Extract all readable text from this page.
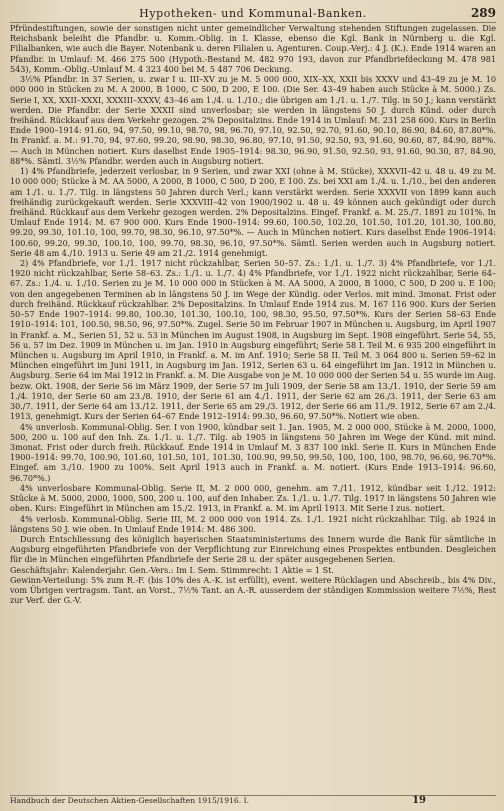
Hypotheken- und Kommunal-Banken.	289

Pfründestiftungen, sowie der sonstigen nicht unter gemeindlicher Verwaltung stehenden Stiftungen zugelassen. Die Reichsbank beleiht die Pfandbr. u. Komm.-Oblig. in I. Klasse, ebenso die Kgl. Bank in Nürnberg u. die Kgl. Filialbanken, wie auch die Bayer. Notenbank u. deren Filialen u. Agenturen. Coup.-Verj.: 4 J. (K.). Ende 1914 waren an Pfandbr. in Umlauf: M. 466 275 500 (Hypoth.-Bestand M. 482 970 193, davon zur Pfandbriefdeckung M. 478 981 543), Komm.-Oblig.-Umlauf M. 4 323 400 bei M. 5 487 706 Deckung.

3½% Pfandbr. in 37 Serien, u. zwar I u. III–XV zu je M. 5 000 000, XIX–XX, XXII bis XXXV und 43–49 zu je M. 10 000 000 in Stücken zu M. A 2000, B 1000, C 500, D 200, E 100. (Die Ser. 43–49 haben auch Stücke à M. 5000.) Zs. Serie I, XX, XXII–XXXI, XXXIII–XXXV, 43–46 am 1./4. u. 1./10.; die übrigen am 1./1. u. 1./7. Tilg. in 50 J.; kann verstärkt werden. Die Pfandbr. der Serie XXXII sind unverlosbar; sie werden in längstens 50 J. durch Künd. oder durch freihänd. Rückkauf aus dem Verkehr gezogen. 2% Depositalzins. Ende 1914 in Umlauf: M. 231 258 600. Kurs in Berlin Ende 1900–1914: 91.60, 94, 97.50, 99.10, 98.70, 98, 96.70, 97.10, 92.50, 92.70, 91.60, 90.10, 86.90, 84.60, 87.80*%. In Frankf. a. M.: 91.70, 94, 97.60, 99.20, 98.90, 98.30, 96.80, 97.10, 91.50, 92.50, 93, 91.60, 90.60, 87, 84.90, 88*%. — Auch in München notiert. Kurs daselbst Ende 1905–1914: 98.30, 96.90, 91.50, 92.50, 93, 91.60, 90.30, 87, 84.90, 88*%. Sämtl. 3½% Pfandbr. werden auch in Augsburg notiert.

1) 4% Pfandbriefe, jederzeit verlosbar, in 9 Serien, und zwar XXI (ohne à M. Stücke), XXXVII–42 u. 48 u. 49 zu M. 10 000 000; Stücke à M. AA 5000, A 2000, B 1000, C 500, D 200, E 100. Zs. bei XXI am 1./4. u. 1./10., bei den anderen am 1./1. u. 1./7. Tilg. in längstens 50 Jahren durch Verl.; kann verstärkt werden. Serie XXXVII von 1899 kann auch freihändig zurückgekauft werden. Serie XXXVIII–42 von 1900/1902 u. 48 u. 49 können auch gekündigt oder durch freihänd. Rückkauf aus dem Verkehr gezogen werden. 2% Depositalzins. Eingef. Frankf. a. M. 25./7. 1891 zu 101%. In Umlauf Ende 1914: M. 67 900 000. Kurs Ende 1900–1914: 99.60, 100.50, 102.20, 101.50, 101.20, 101.30, 100.80, 99.20, 99.30, 101.10, 100, 99.70, 98.30, 96.10, 97.50*%. — Auch in München notiert. Kurs daselbst Ende 1906–1914: 100.60, 99.20, 99.30, 100.10, 100, 99.70, 98.30, 96.10, 97.50*%. Sämtl. Serien werden auch in Augsburg notiert. Serie 48 am 4./10. 1913 u. Serie 49 am 21./2. 1914 genehmigt.

2) 4% Pfandbriefe, vor 1./1. 1917 nicht rückzahlbar, Serien 50–57. Zs.: 1./1. u. 1./7. 3) 4% Pfandbriefe, vor 1./1. 1920 nicht rückzahlbar, Serie 58–63. Zs.: 1./1. u. 1./7. 4) 4% Pfandbriefe, vor 1./1. 1922 nicht rückzahlbar, Serie 64–67. Zs.: 1./4. u. 1./10. Serien zu je M. 10 000 000 in Stücken à M. AA 5000, A 2000, B 1000, C 500, D 200 u. E 100; von den angegebenen Terminen ab in längstens 50 J. im Wege der Kündig. oder Verlos. mit mind. 3monat. Frist oder durch freihänd. Rückkauf rückzahlbar. 2% Depositalzins. In Umlauf Ende 1914 zus. M. 167 116 900. Kurs der Serien 50–57 Ende 1907–1914: 99.80, 100.30, 101.30, 100.10, 100, 98.30, 95.50, 97.50*%. Kurs der Serien 58–63 Ende 1910–1914: 101, 100.50, 98.50, 96, 97.50*%. Zugel. Serie 50 im Februar 1907 in München u. Augsburg, im April 1907 in Frankf. a. M., Serien 51, 52 u. 53 in München im August 1908, in Augsburg im Sept. 1908 eingeführt. Serie 54, 55, 56 u. 57 im Dez. 1909 in München u. im Jan. 1910 in Augsburg eingeführt; Serie 58 I. Teil M. 6 935 200 eingeführt in München u. Augsburg im April 1910, in Frankf. a. M. im Anf. 1910; Serie 58 II. Teil M. 3 064 800 u. Serien 59–62 in München eingeführt im Juni 1911, in Augsburg im Jan. 1912, Serien 63 u. 64 eingeführt im Jan. 1912 in München u. Augsburg. Serie 64 im Mai 1912 in Frankf. a. M. Die Ausgabe von je M. 10 000 000 der Serien 54 u. 55 wurde im Aug. bezw. Okt. 1908, der Serie 56 im März 1909, der Serie 57 im Juli 1909, der Serie 58 am 13./1. 1910, der Serie 59 am 1./4. 1910, der Serie 60 am 23./8. 1910, der Serie 61 am 4./1. 1911, der Serie 62 am 26./3. 1911, der Serie 63 am 30./7. 1911, der Serie 64 am 13./12. 1911, der Serie 65 am 29./3. 1912, der Serie 66 am 11./9. 1912, Serie 67 am 2./4. 1913, genehmigt. Kurs der Serien 64–67 Ende 1912–1914: 99.30, 96.60, 97.50*%. Notiert wie oben.

4% unverlosb. Kommunal-Oblig. Ser. I von 1900, kündbar seit 1. Jan. 1905, M. 2 000 000, Stücke à M. 2000, 1000, 500, 200 u. 100 auf den Inh. Zs. 1./1. u. 1./7. Tilg. ab 1905 in längstens 50 Jahren im Wege der Künd. mit mind. 3monat. Frist oder durch freih. Rückkauf. Ende 1914 in Umlauf M. 3 837 100 inkl. Serie II. Kurs in München Ende 1900–1914: 99.70, 100.90, 101.60, 101.50, 101, 101.30, 100.90, 99.50, 99.50, 100, 100, 100, 98.70, 96.60, 96.70*%. Eingef. am 3./10. 1900 zu 100%. Seit April 1913 auch in Frankf. a. M. notiert. (Kurs Ende 1913–1914: 96.60, 96.70*%.)

4% unverlosbare Kommunal-Oblig. Serie II, M. 2 000 000, genehm. am 7./11. 1912, kündbar seit 1./12. 1912: Stücke à M. 5000, 2000, 1000, 500, 200 u. 100, auf den Inhaber. Zs. 1./1. u. 1./7. Tilg. 1917 in längstens 50 Jahren wie oben. Kurs: Eingeführt in München am 15./2. 1913, in Frankf. a. M. im April 1913. Mit Serie I zus. notiert.

4% verlosb. Kommunal-Oblig. Serie III, M. 2 000 000 von 1914. Zs. 1./1. 1921 nicht rückzahlbar. Tilg. ab 1924 in längstens 50 J. wie oben. In Umlauf Ende 1914: M. 486 300.

Durch Entschliessung des königlich bayerischen Staatsministeriums des Innern wurde die Bank für sämtliche in Augsburg eingeführten Pfandbriefe von der Verpflichtung zur Einreichung eines Prospektes entbunden. Desgleichen für die in München eingeführten Pfandbriefe der Serie 28 u. der später ausgegebenen Serien.

Geschäftsjahr: Kalenderjahr. Gen.-Vers.: Im I. Sem. Stimmrecht: 1 Aktie = 1 St.

Gewinn-Verteilung: 5% zum R.-F. (bis 10% des A.-K. ist erfüllt), event. weitere Rücklagen und Abschreib., bis 4% Div., vom Übrigen vertragsm. Tant. an Vorst., 7½% Tant. an A.-R. ausserdem der ständigen Kommission weitere 7½%, Rest zur Verf. der G.-V.

Handbuch der Deutschen Aktien-Gesellschaften 1915/1916. I.	19
